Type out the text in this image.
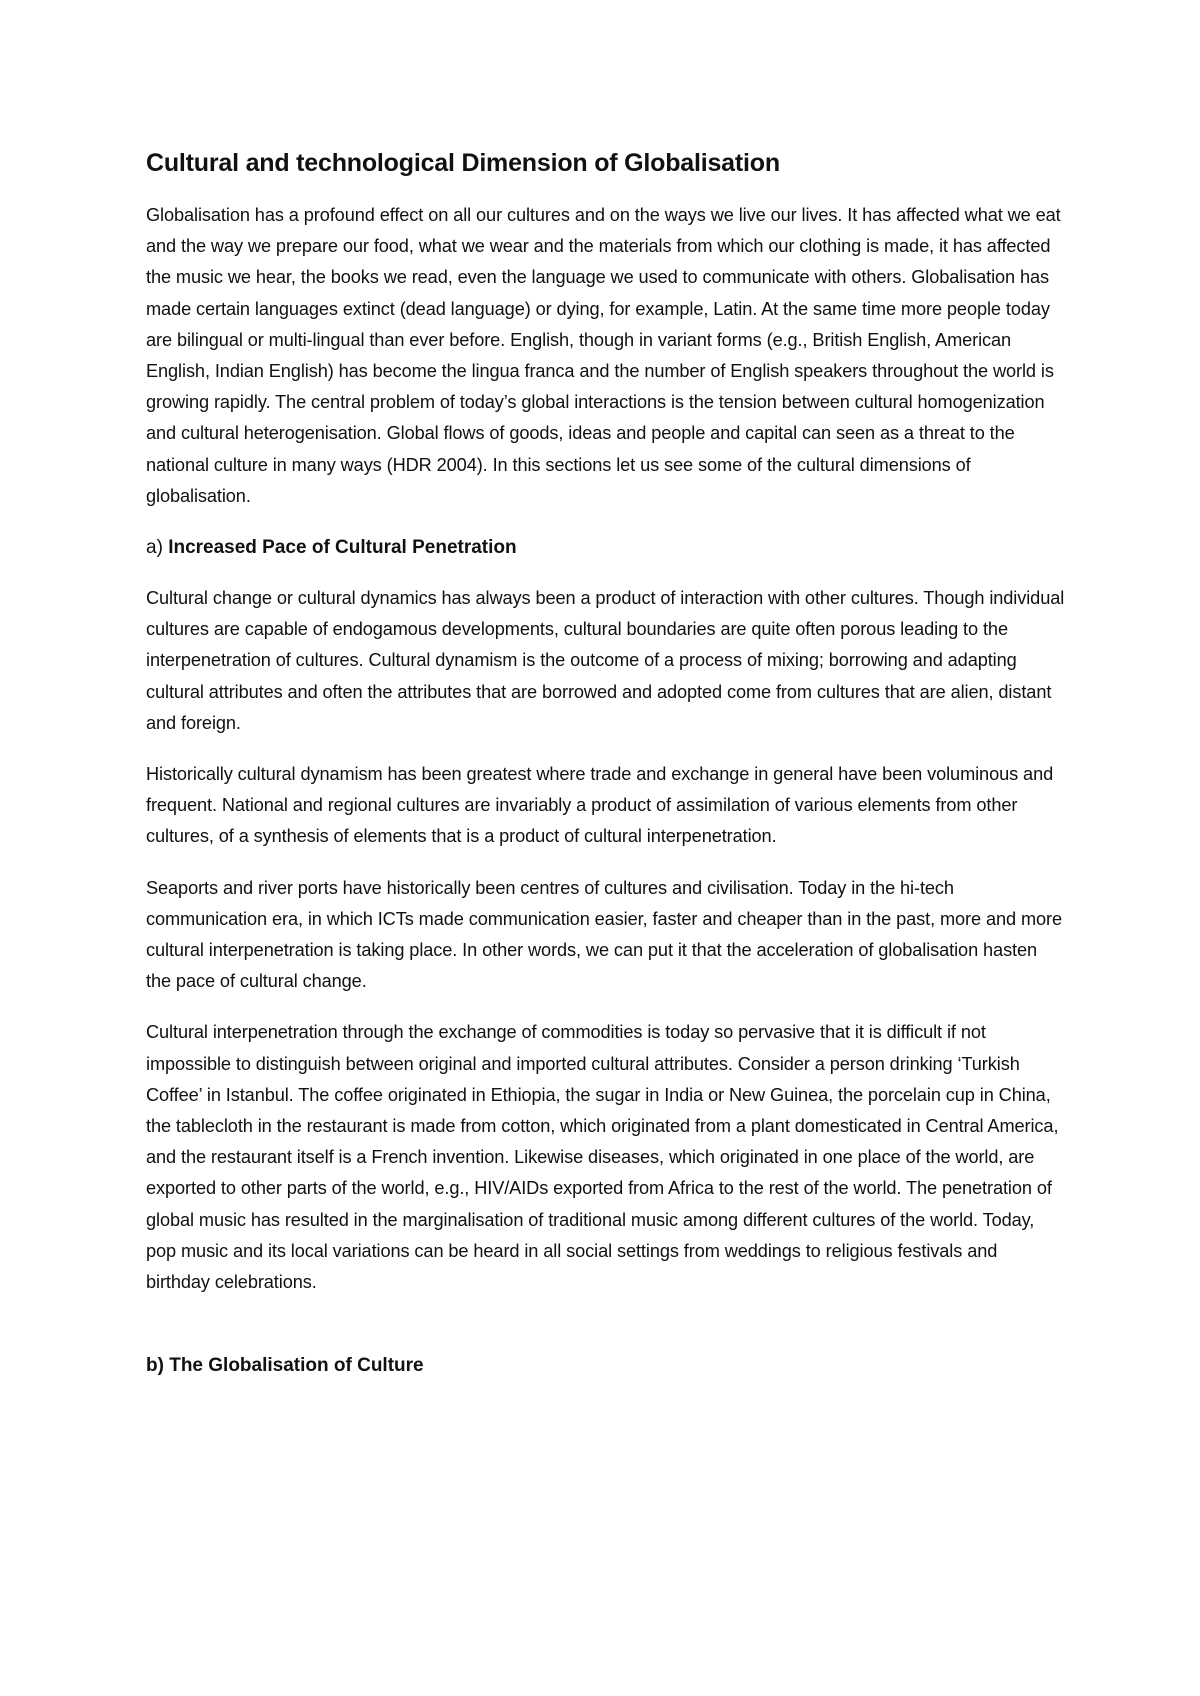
Cultural and technological Dimension of Globalisation

Globalisation has a profound effect on all our cultures and on the ways we live our lives. It has affected what we eat and the way we prepare our food, what we wear and the materials from which our clothing is made, it has affected the music we hear, the books we read, even the language we used to communicate with others. Globalisation has made certain languages extinct (dead language) or dying, for example, Latin. At the same time more people today are bilingual or multi-lingual than ever before. English, though in variant forms (e.g., British English, American English, Indian English) has become the lingua franca and the number of English speakers throughout the world is growing rapidly. The central problem of today’s global interactions is the tension between cultural homogenization and cultural heterogenisation. Global flows of goods, ideas and people and capital can seen as a threat to the national culture in many ways (HDR 2004). In this sections let us see some of the cultural dimensions of globalisation.

a) Increased Pace of Cultural Penetration

Cultural change or cultural dynamics has always been a product of interaction with other cultures. Though individual cultures are capable of endogamous developments, cultural boundaries are quite often porous leading to the interpenetration of cultures. Cultural dynamism is the outcome of a process of mixing; borrowing and adapting cultural attributes and often the attributes that are borrowed and adopted come from cultures that are alien, distant and foreign.

Historically cultural dynamism has been greatest where trade and exchange in general have been voluminous and frequent. National and regional cultures are invariably a product of assimilation of various elements from other cultures, of a synthesis of elements that is a product of cultural interpenetration.

Seaports and river ports have historically been centres of cultures and civilisation. Today in the hi-tech communication era, in which ICTs made communication easier, faster and cheaper than in the past, more and more cultural interpenetration is taking place. In other words, we can put it that the acceleration of globalisation hasten the pace of cultural change.

Cultural interpenetration through the exchange of commodities is today so pervasive that it is difficult if not impossible to distinguish between original and imported cultural attributes. Consider a person drinking ‘Turkish Coffee’ in Istanbul. The coffee originated in Ethiopia, the sugar in India or New Guinea, the porcelain cup in China, the tablecloth in the restaurant is made from cotton, which originated from a plant domesticated in Central America, and the restaurant itself is a French invention. Likewise diseases, which originated in one place of the world, are exported to other parts of the world, e.g., HIV/AIDs exported from Africa to the rest of the world. The penetration of global music has resulted in the marginalisation of traditional music among different cultures of the world. Today, pop music and its local variations can be heard in all social settings from weddings to religious festivals and birthday celebrations.

b) The Globalisation of Culture
